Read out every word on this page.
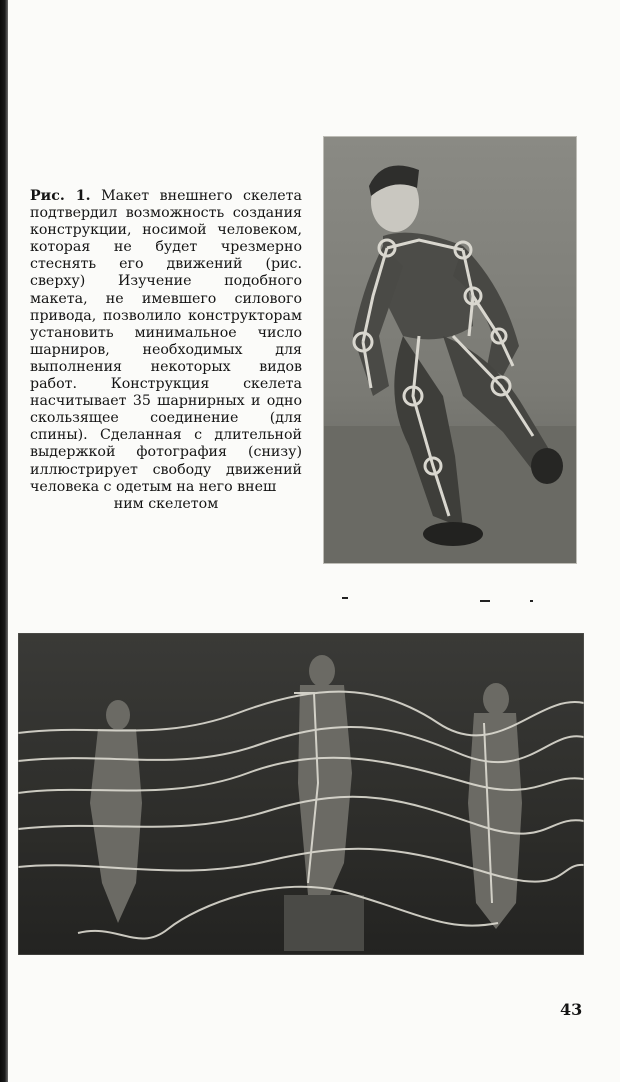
Рис. 1. Макет внешнего скелета подтвердил возможность создания конструкции, носимой человеком, которая не будет чрезмерно стеснять его движений (рис. сверху) Изучение подобного макета, не имевшего силового привода, позволило конструкторам установить минимальное число шарниров, необходимых для выполнения некоторых видов работ. Конструкция скелета насчитывает 35 шарнирных и одно скользящее соединение (для спины). Сделанная с длительной выдержкой фотография (снизу) иллюстрирует свободу движений человека с одетым на него внеш
ним скелетом
43
